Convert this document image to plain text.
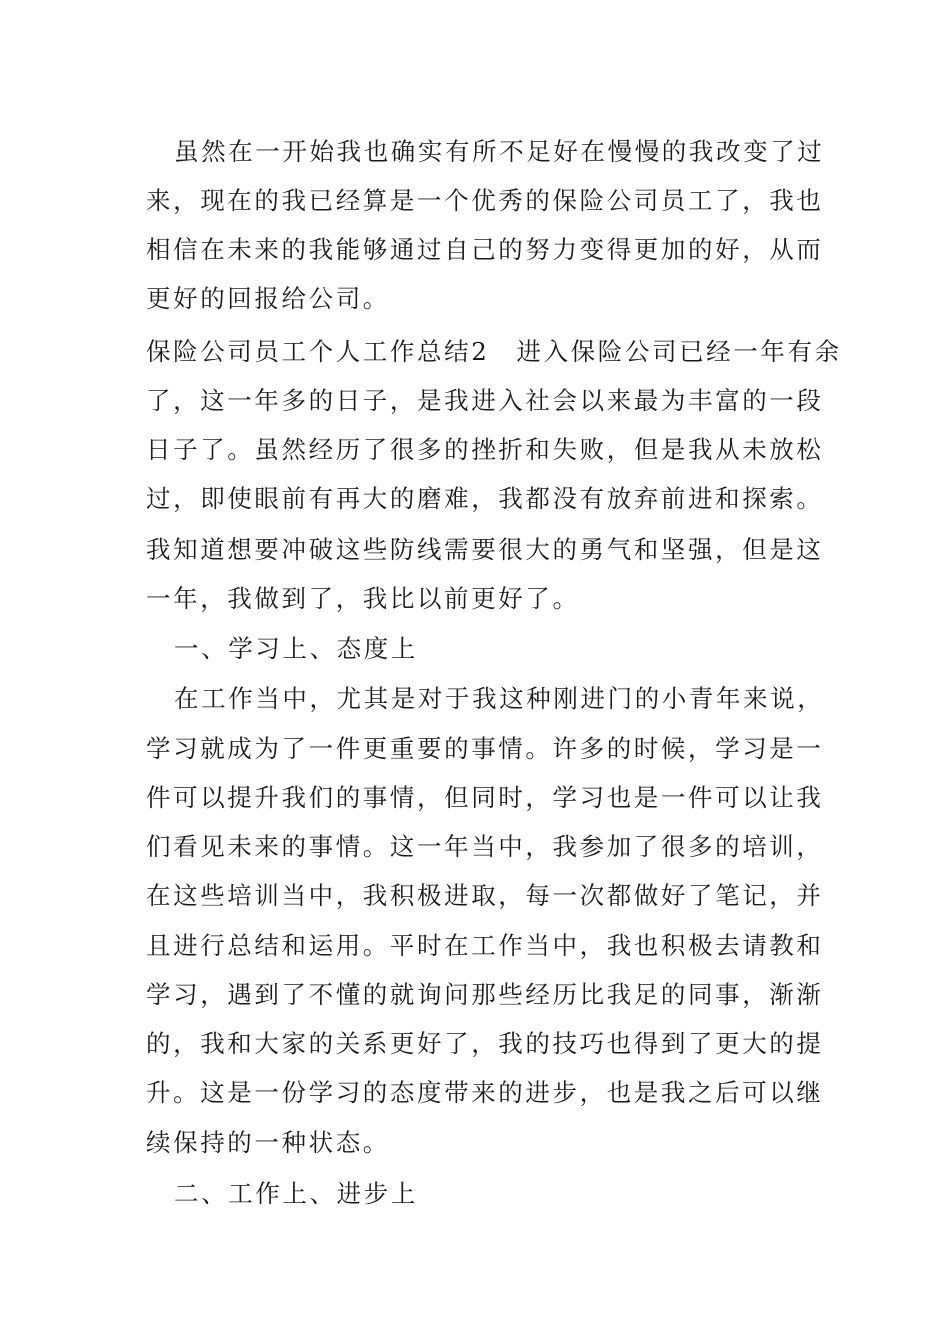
虽然在一开始我也确实有所不足好在慢慢的我改变了过
来，现在的我已经算是一个优秀的保险公司员工了，我也
相信在未来的我能够通过自己的努力变得更加的好，从而
更好的回报给公司。
保险公司员工个人工作总结2　进入保险公司已经一年有余
了，这一年多的日子，是我进入社会以来最为丰富的一段
日子了。虽然经历了很多的挫折和失败，但是我从未放松
过，即使眼前有再大的磨难，我都没有放弃前进和探索。
我知道想要冲破这些防线需要很大的勇气和坚强，但是这
一年，我做到了，我比以前更好了。
一、学习上、态度上
在工作当中，尤其是对于我这种刚进门的小青年来说，
学习就成为了一件更重要的事情。许多的时候，学习是一
件可以提升我们的事情，但同时，学习也是一件可以让我
们看见未来的事情。这一年当中，我参加了很多的培训，
在这些培训当中，我积极进取，每一次都做好了笔记，并
且进行总结和运用。平时在工作当中，我也积极去请教和
学习，遇到了不懂的就询问那些经历比我足的同事，渐渐
的，我和大家的关系更好了，我的技巧也得到了更大的提
升。这是一份学习的态度带来的进步，也是我之后可以继
续保持的一种状态。
二、工作上、进步上
